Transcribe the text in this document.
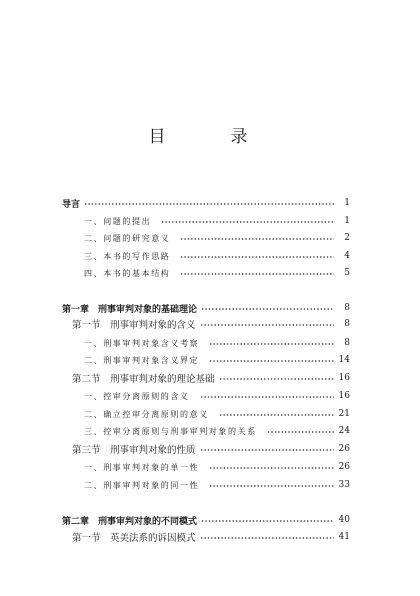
目　录
导言	1
一、问题的提出	1
二、问题的研究意义	2
三、本书的写作思路	4
四、本书的基本结构	5
第一章　刑事审判对象的基础理论	8
第一节　刑事审判对象的含义	8
一、刑事审判对象含义考察	8
二、刑事审判对象含义界定	14
第二节　刑事审判对象的理论基础	16
一、控审分离原则的含义	16
二、确立控审分离原则的意义	21
三、控审分离原则与刑事审判对象的关系	24
第三节　刑事审判对象的性质	26
一、刑事审判对象的单一性	26
二、刑事审判对象的同一性	33
第二章　刑事审判对象的不同模式	40
第一节　英美法系的诉因模式	41
